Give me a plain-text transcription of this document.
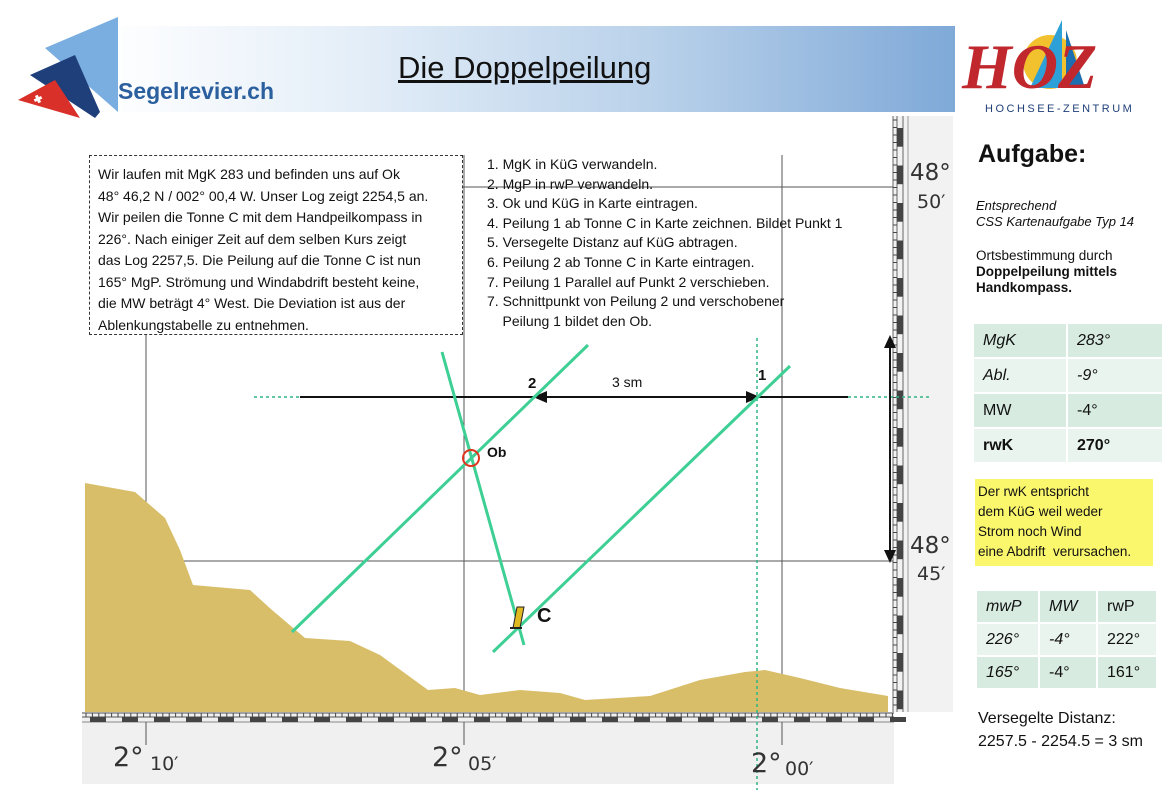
HOZ
HOCHSEE-ZENTRUM
2	1
3 sm
Ob
C
48°
50′
48°
45′
2° 10′	2° 05′	2° 00′
Segelrevier.ch
Die Doppelpeilung
Wir laufen mit MgK 283 und befinden uns auf Ok
48° 46,2 N / 002° 00,4 W. Unser Log zeigt 2254,5 an.
Wir peilen die Tonne C mit dem Handpeilkompass in
226°. Nach einiger Zeit auf dem selben Kurs zeigt
das Log 2257,5. Die Peilung auf die Tonne C ist nun
165° MgP. Strömung und Windabdrift besteht keine,
die MW beträgt 4° West. Die Deviation ist aus der
Ablenkungstabelle zu entnehmen.
1. MgK in KüG verwandeln.
2. MgP in rwP verwandeln.
3. Ok und KüG in Karte eintragen.
4. Peilung 1 ab Tonne C in Karte zeichnen. Bildet Punkt 1
5. Versegelte Distanz auf KüG abtragen.
6. Peilung 2 ab Tonne C in Karte eintragen.
7. Peilung 1 Parallel auf Punkt 2 verschieben.
7. Schnittpunkt von Peilung 2 und verschobener
Peilung 1 bildet den Ob.
Aufgabe:
Entsprechend
CSS Kartenaufgabe Typ 14
Ortsbestimmung durch
Doppelpeilung mittels
Handkompass.
MgK	283°
Abl.	-9°
MW	-4°
rwK	270°
Der rwK entspricht
dem KüG weil weder
Strom noch Wind
eine Abdrift  verursachen.
mwP	MW	rwP
226°	-4°	222°
165°	-4°	161°
Versegelte Distanz:
2257.5 - 2254.5 = 3 sm
